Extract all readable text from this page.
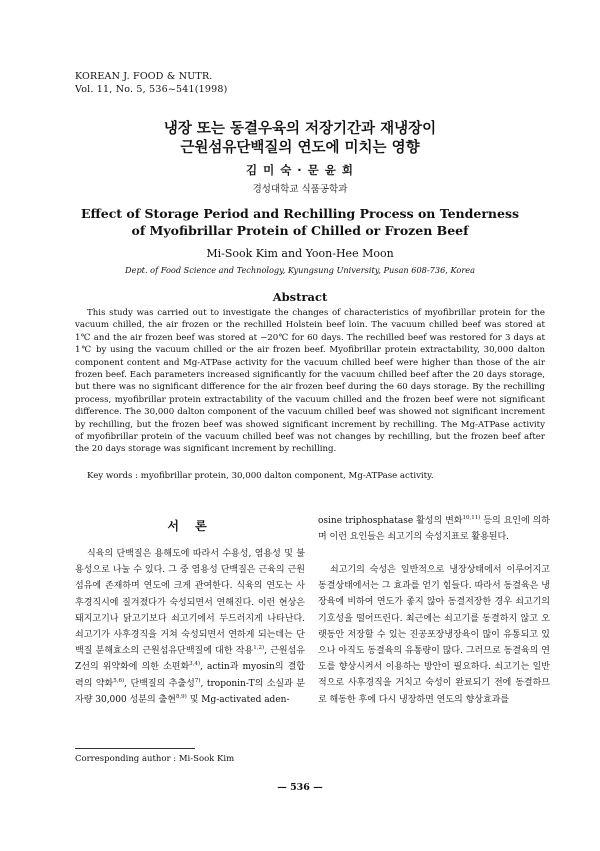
KOREAN J. FOOD & NUTR.
Vol. 11, No. 5, 536~541(1998)
냉장 또는 동결우육의 저장기간과 재냉장이
근원섬유단백질의 연도에 미치는 영향
김 미 숙 · 문 윤 희
경성대학교 식품공학과
Effect of Storage Period and Rechilling Process on Tenderness
of Myofibrillar Protein of Chilled or Frozen Beef
Mi-Sook Kim and Yoon-Hee Moon
Dept. of Food Science and Technology, Kyungsung University, Pusan 608-736, Korea
Abstract

This study was carried out to investigate the changes of characteristics of myofibrillar protein for the vacuum chilled, the air frozen or the rechilled Holstein beef loin. The vacuum chilled beef was stored at 1℃ and the air frozen beef was stored at −20℃ for 60 days. The rechilled beef was restored for 3 days at 1℃ by using the vacuum chilled or the air frozen beef. Myofibrillar protein extractability, 30,000 dalton component content and Mg-ATPase activity for the vacuum chilled beef were higher than those of the air frozen beef. Each parameters increased significantly for the vacuum chilled beef after the 20 days storage, but there was no significant difference for the air frozen beef during the 60 days storage. By the rechilling process, myofibrillar protein extractability of the vacuum chilled and the frozen beef were not significant difference. The 30,000 dalton component of the vacuum chilled beef was showed not significant increment by rechilling, but the frozen beef was showed significant increment by rechilling. The Mg-ATPase activity of myofibrillar protein of the vacuum chilled beef was not changes by rechilling, but the frozen beef after the 20 days storage was significant increment by rechilling.

Key words : myofibrillar protein, 30,000 dalton component, Mg-ATPase activity.
서 론

식육의 단백질은 용해도에 따라서 수용성, 염용성 및 불용성으로 나눌 수 있다. 그 중 염용성 단백질은 근육의 근원섬유에 존재하며 연도에 크게 관여한다. 식육의 연도는 사후경직시에 질겨졌다가 숙성되면서 연해진다. 이런 현상은 돼지고기나 닭고기보다 쇠고기에서 두드러지게 나타난다. 쇠고기가 사후경직을 거쳐 숙성되면서 연하게 되는데는 단백질 분해효소의 근원섬유단백질에 대한 작용$^{1,2)}$, 근원섬유 Z선의 위약화에 의한 소편화$^{3,4)}$, actin과 myosin의 결합력의 약화$^{5,6)}$, 단백질의 추출성$^{7)}$, troponin-T의 소실과 분자량 30,000 성분의 출현$^{8,9)}$ 및 Mg-activated aden-

osine triphosphatase 활성의 변화$^{10,11)}$ 등의 요인에 의하며 이런 요인들은 쇠고기의 숙성지표로 활용된다.

쇠고기의 숙성은 일반적으로 냉장상태에서 이루어지고 동결상태에서는 그 효과를 얻기 힘들다. 따라서 동결육은 냉장육에 비하여 연도가 좋지 않아 동결저장한 경우 쇠고기의 기호성을 떨어뜨린다. 최근에는 쇠고기를 동결하지 않고 오랫동안 저장할 수 있는 진공포장냉장육이 많이 유통되고 있으나 아직도 동결육의 유통량이 많다. 그러므로 동결육의 연도를 향상시켜서 이용하는 방안이 필요하다. 쇠고기는 일반적으로 사후경직을 거치고 숙성이 완료되기 전에 동결하므로 해동한 후에 다시 냉장하면 연도의 향상효과를

Corresponding author : Mi-Sook Kim
— 536 —
